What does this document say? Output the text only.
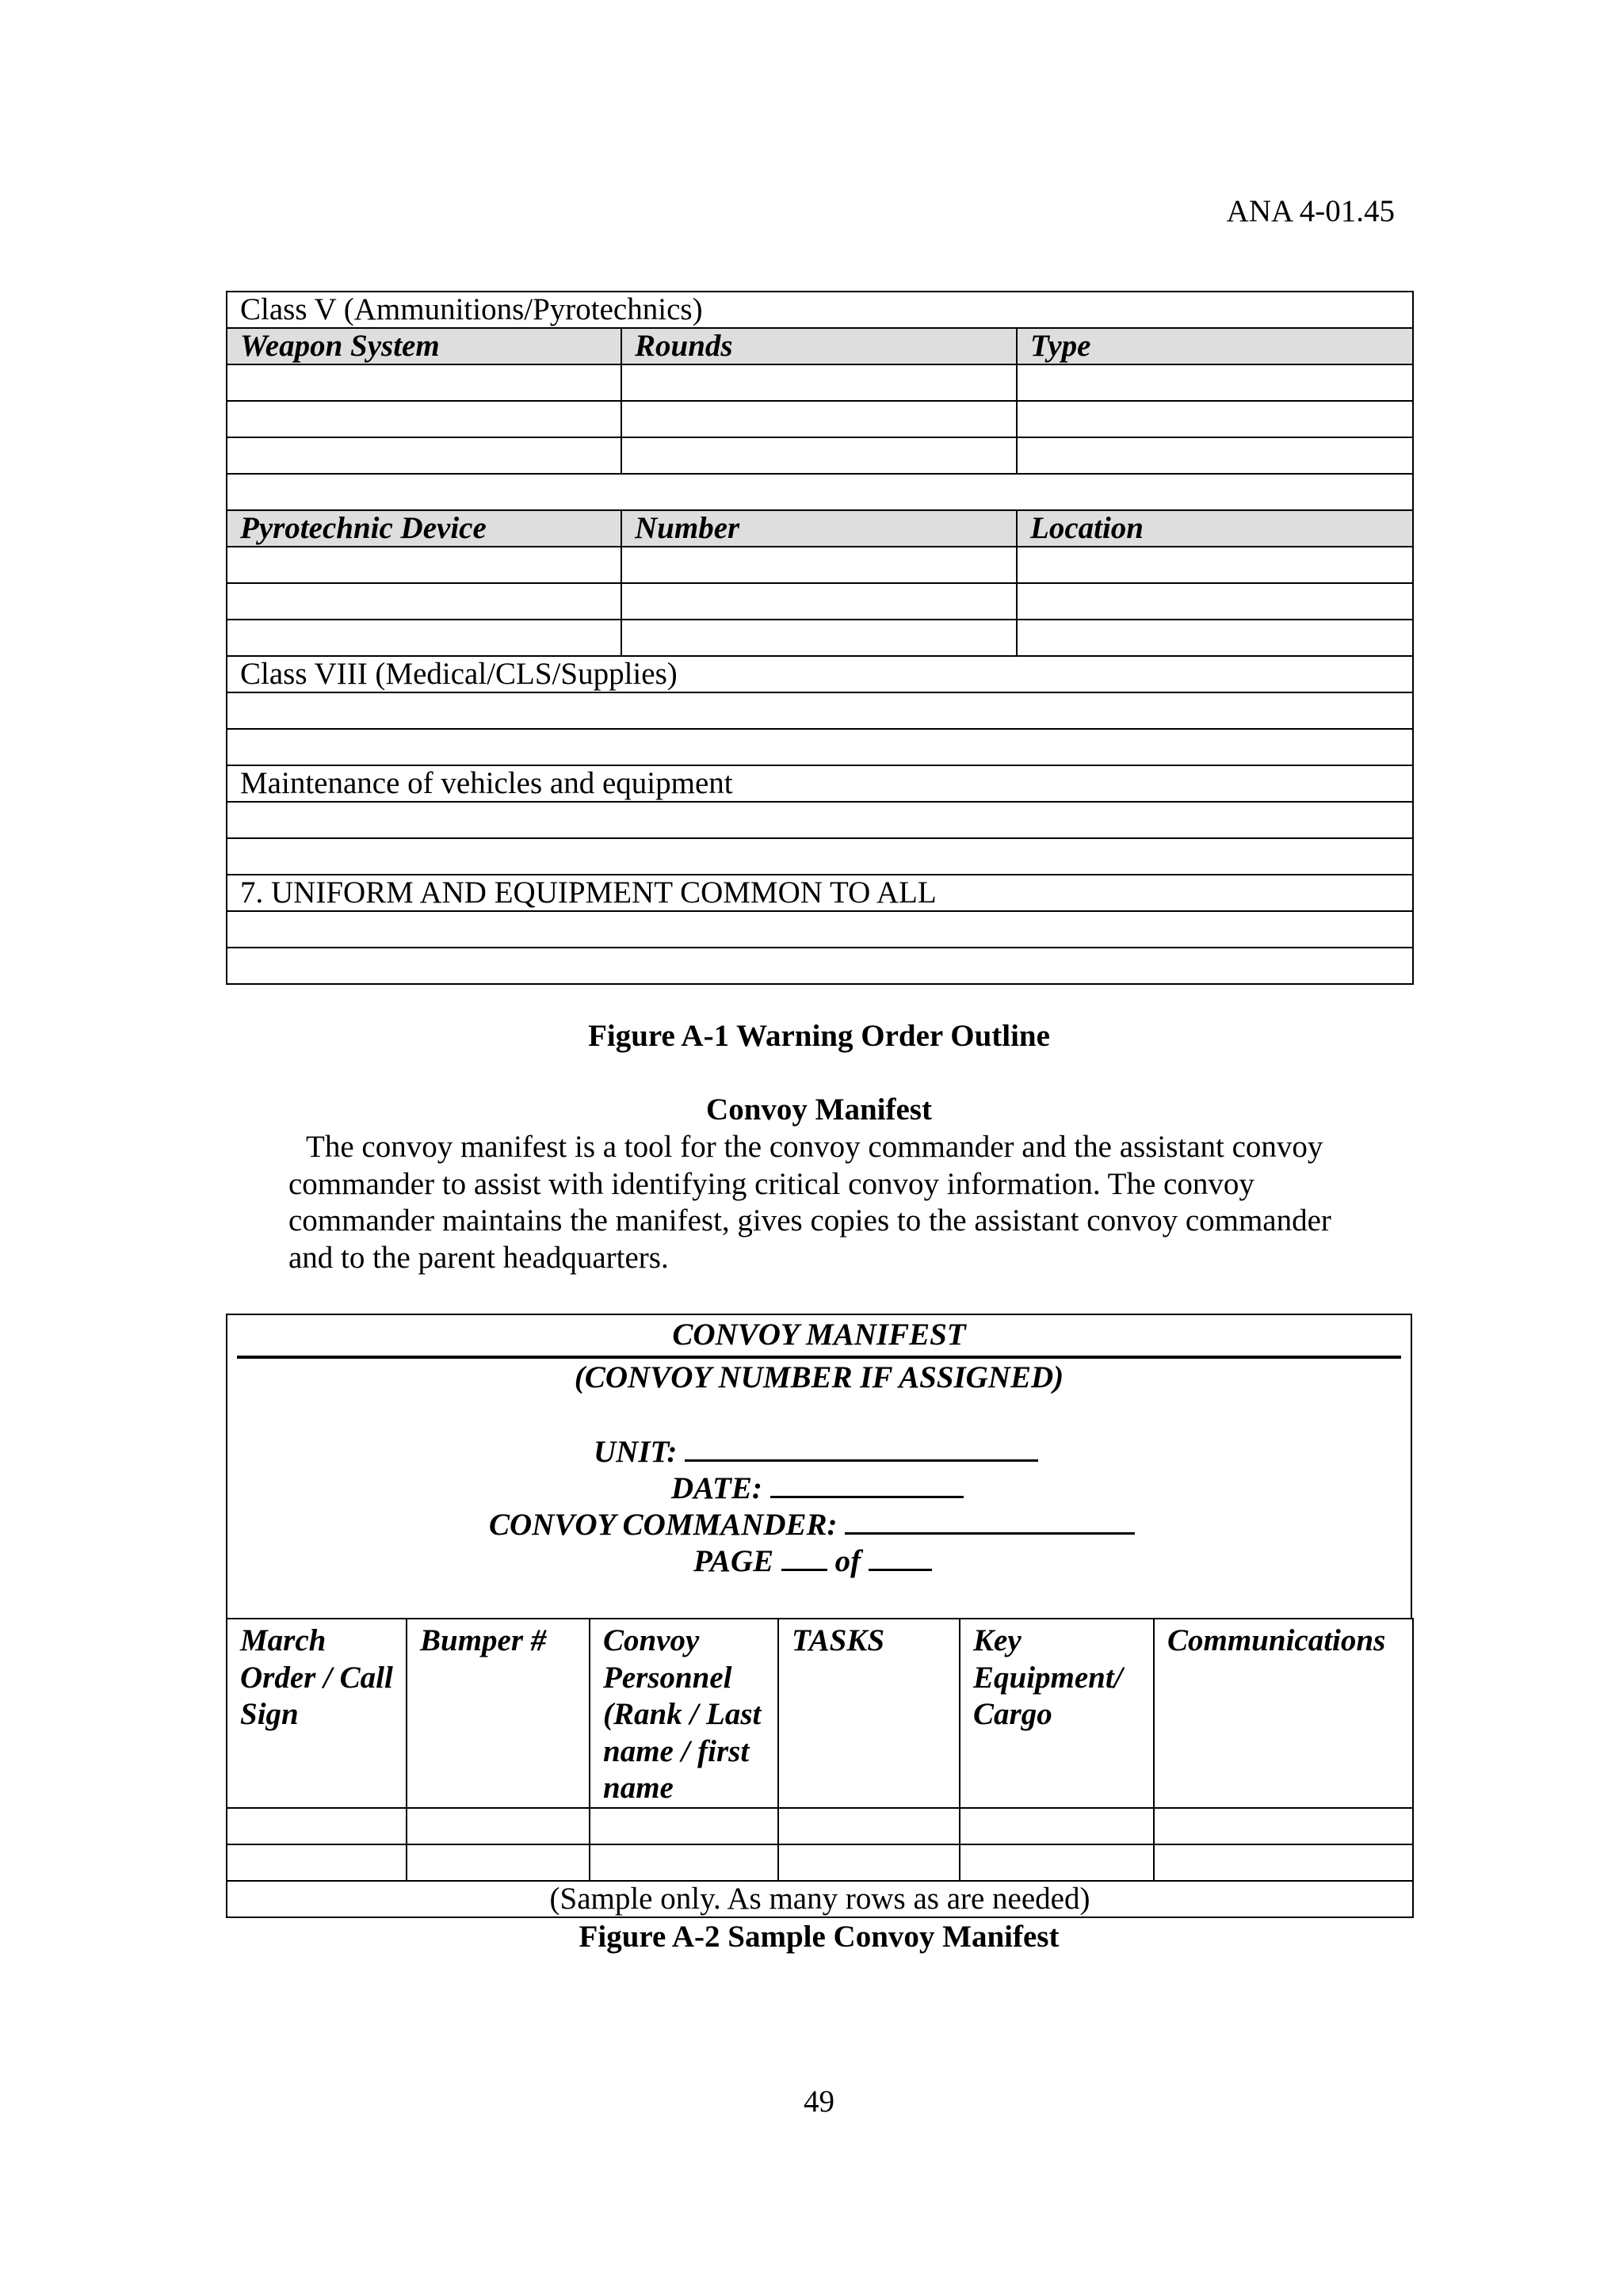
ANA 4-01.45
Class V (Ammunitions/Pyrotechnics)		
Weapon System	Rounds	Type

Pyrotechnic Device	Number	Location

Class VIII (Medical/CLS/Supplies)		

Maintenance of vehicles and equipment		

7. UNIFORM AND EQUIPMENT COMMON TO ALL		

Figure A-1 Warning Order Outline
Convoy Manifest
The convoy manifest is a tool for the convoy commander and the assistant convoy
commander to assist with identifying critical convoy information. The convoy
commander maintains the manifest, gives copies to the assistant convoy commander
and to the parent headquarters.
CONVOY MANIFEST
(CONVOY NUMBER IF ASSIGNED)
UNIT:
DATE:
CONVOY COMMANDER:
PAGE of
March Order / Call Sign	Bumper #	Convoy Personnel (Rank / Last name / first name	TASKS	Key Equipment/ Cargo	Communications

(Sample only. As many rows as are needed)					
Figure A-2 Sample Convoy Manifest
49
